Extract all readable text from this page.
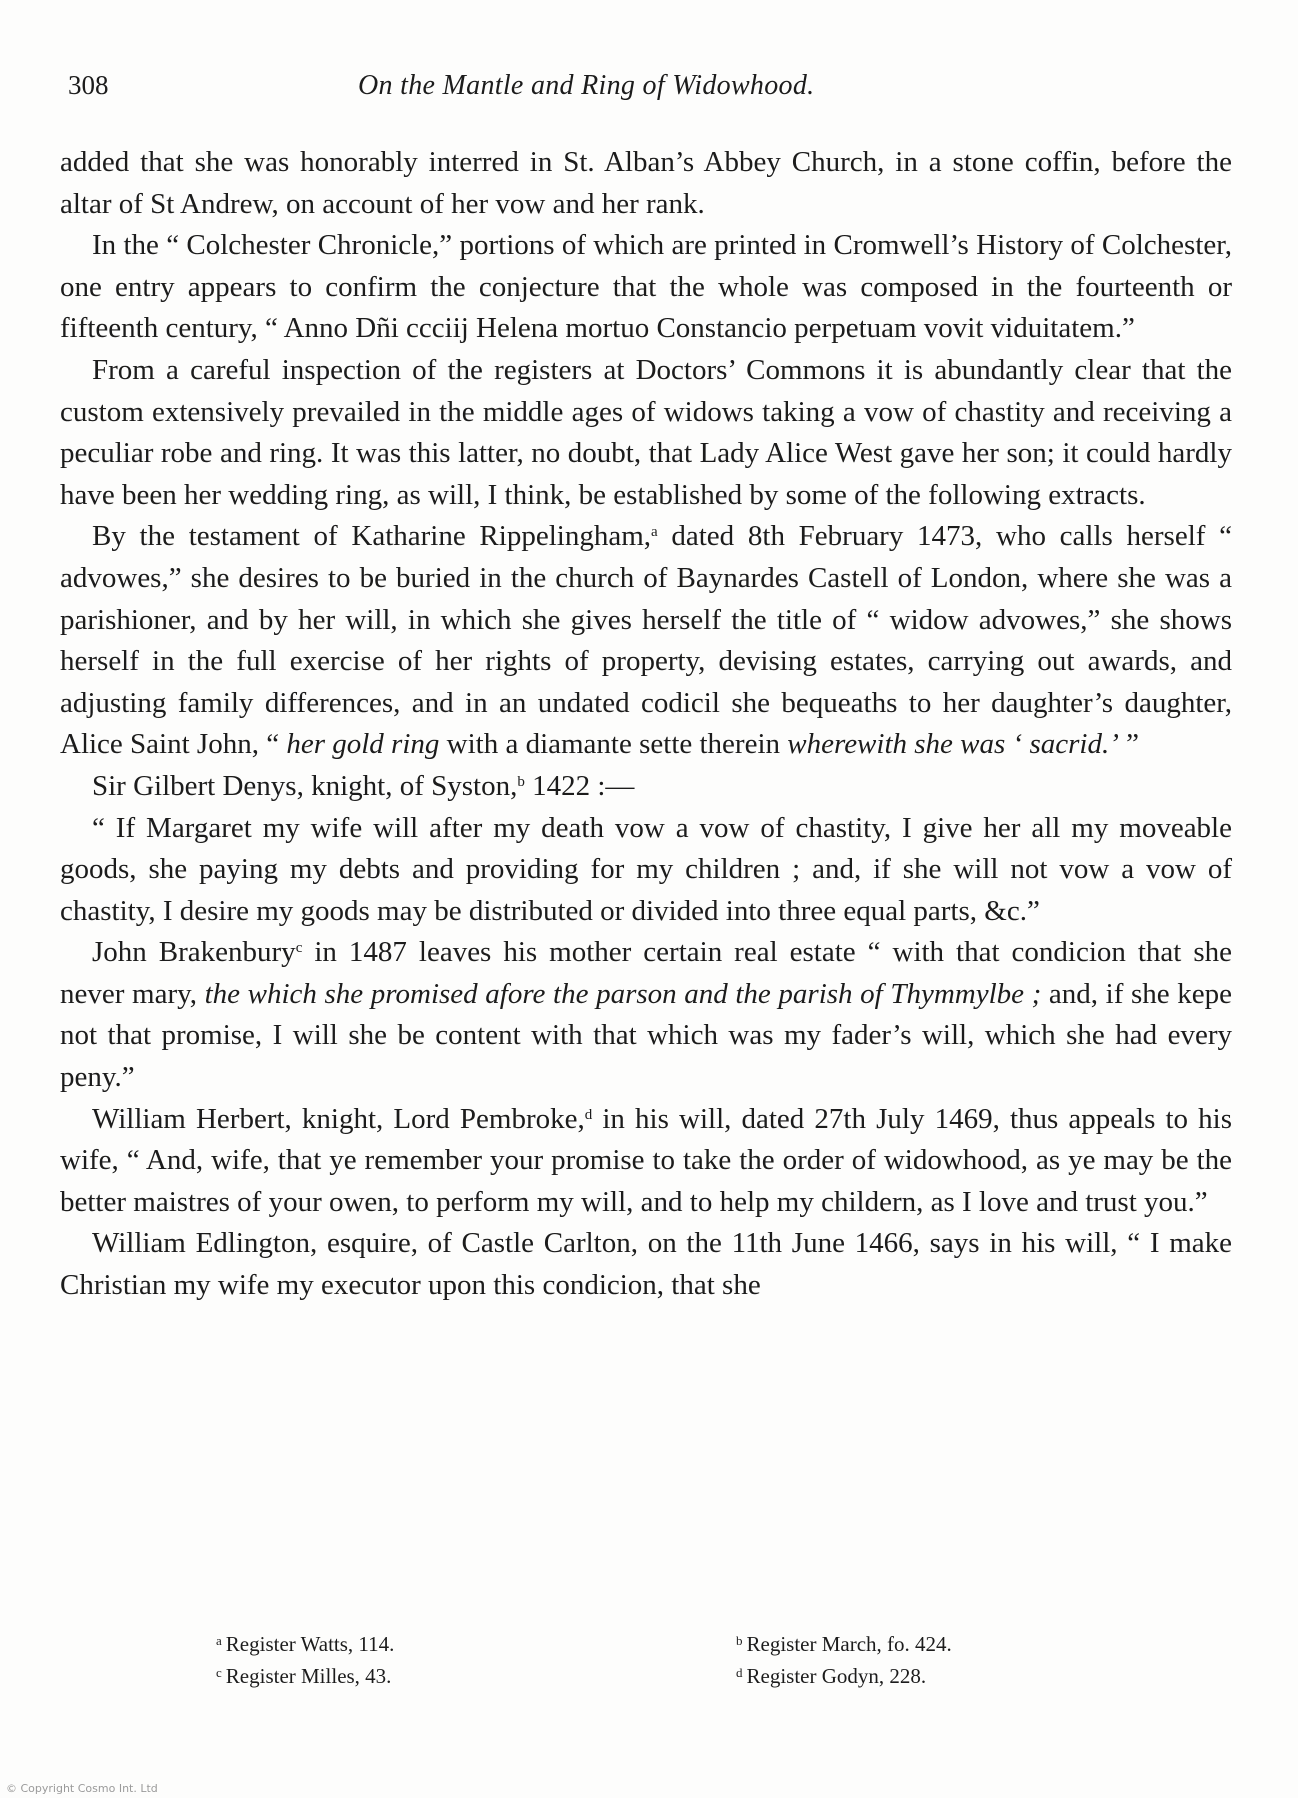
308	On the Mantle and Ring of Widowhood.

added that she was honorably interred in St. Alban’s Abbey Church, in a stone coffin, before the altar of St Andrew, on account of her vow and her rank.

In the “ Colchester Chronicle,” portions of which are printed in Cromwell’s History of Colchester, one entry appears to confirm the conjecture that the whole was composed in the fourteenth or fifteenth century, “ Anno Dñi ccciij Helena mortuo Constancio perpetuam vovit viduitatem.”

From a careful inspection of the registers at Doctors’ Commons it is abundantly clear that the custom extensively prevailed in the middle ages of widows taking a vow of chastity and receiving a peculiar robe and ring. It was this latter, no doubt, that Lady Alice West gave her son; it could hardly have been her wedding ring, as will, I think, be established by some of the following extracts.

By the testament of Katharine Rippelingham,$^a$ dated 8th February 1473, who calls herself “ advowes,” she desires to be buried in the church of Baynardes Castell of London, where she was a parishioner, and by her will, in which she gives herself the title of “ widow advowes,” she shows herself in the full exercise of her rights of property, devising estates, carrying out awards, and adjusting family differences, and in an undated codicil she bequeaths to her daughter’s daughter, Alice Saint John, “ her gold ring with a diamante sette therein wherewith she was ‘ sacrid.’ ”

Sir Gilbert Denys, knight, of Syston,$^b$ 1422 :—

“ If Margaret my wife will after my death vow a vow of chastity, I give her all my moveable goods, she paying my debts and providing for my children ; and, if she will not vow a vow of chastity, I desire my goods may be distributed or divided into three equal parts, &c.”

John Brakenbury$^c$ in 1487 leaves his mother certain real estate “ with that condicion that she never mary, the which she promised afore the parson and the parish of Thymmylbe ; and, if she kepe not that promise, I will she be content with that which was my fader’s will, which she had every peny.”

William Herbert, knight, Lord Pembroke,$^d$ in his will, dated 27th July 1469, thus appeals to his wife, “ And, wife, that ye remember your promise to take the order of widowhood, as ye may be the better maistres of your owen, to perform my will, and to help my childern, as I love and trust you.”

William Edlington, esquire, of Castle Carlton, on the 11th June 1466, says in his will, “ I make Christian my wife my executor upon this condicion, that she

$^a$ Register Watts, 114.	$^b$ Register March, fo. 424.
$^c$ Register Milles, 43.	$^d$ Register Godyn, 228.
© Copyright Cosmo Int. Ltd
